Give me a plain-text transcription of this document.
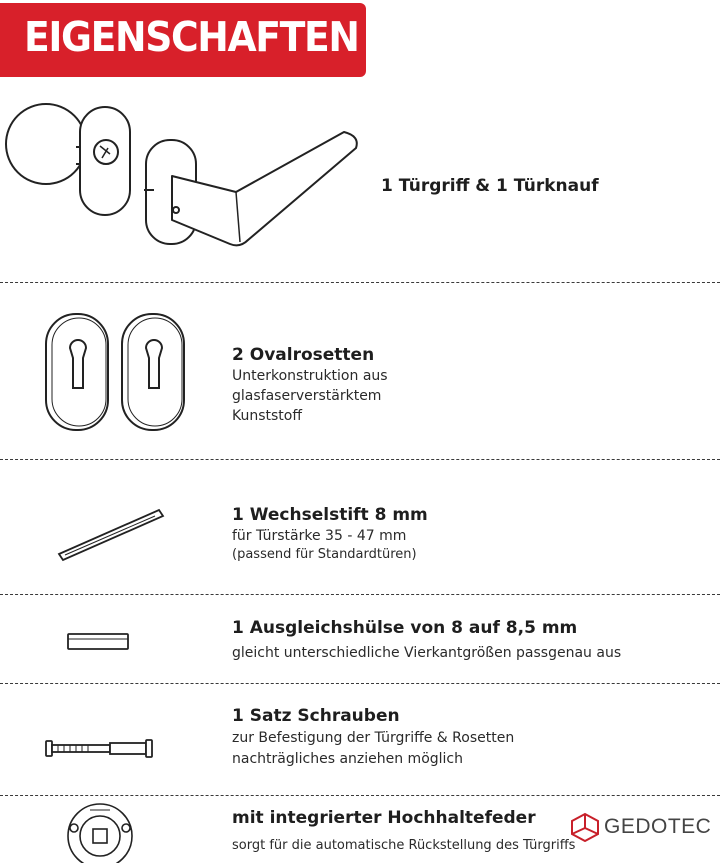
EIGENSCHAFTEN
1 Türgriff & 1 Türknauf
2 Ovalrosetten
Unterkonstruktion aus
glasfaserverstärktem
Kunststoff
1 Wechselstift 8 mm
für Türstärke 35 - 47 mm
(passend für Standardtüren)
1 Ausgleichshülse von 8 auf 8,5 mm
gleicht unterschiedliche Vierkantgrößen passgenau aus
1 Satz Schrauben
zur Befestigung der Türgriffe & Rosetten
nachträgliches anziehen möglich
mit integrierter Hochhaltefeder
sorgt für die automatische Rückstellung des Türgriffs
GEDOTEC
